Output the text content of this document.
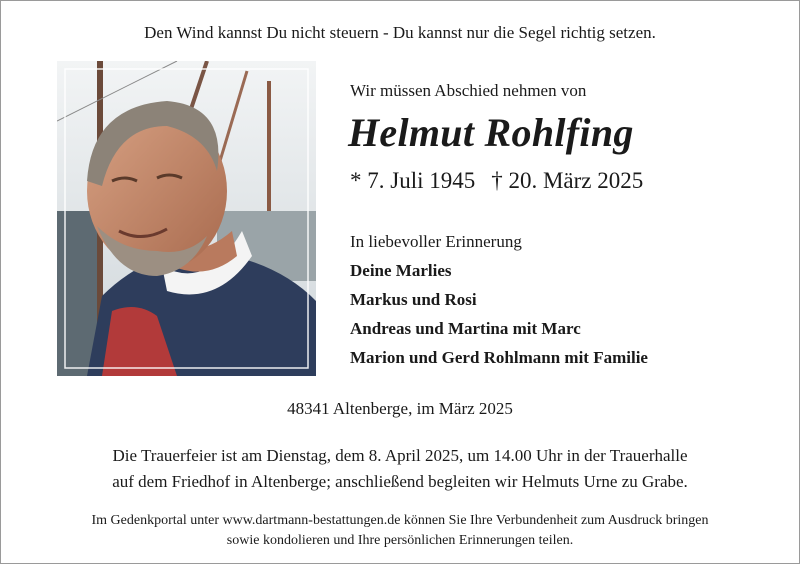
Den Wind kannst Du nicht steuern - Du kannst nur die Segel richtig setzen.
Wir müssen Abschied nehmen von
Helmut Rohlfing
* 7. Juli 1945 † 20. März 2025
In liebevoller Erinnerung
Deine Marlies
Markus und Rosi
Andreas und Martina mit Marc
Marion und Gerd Rohlmann mit Familie
48341 Altenberge, im März 2025
Die Trauerfeier ist am Dienstag, dem 8. April 2025, um 14.00 Uhr in der Trauerhalle
auf dem Friedhof in Altenberge; anschließend begleiten wir Helmuts Urne zu Grabe.
Im Gedenkportal unter www.dartmann-bestattungen.de können Sie Ihre Verbundenheit zum Ausdruck bringen
sowie kondolieren und Ihre persönlichen Erinnerungen teilen.
